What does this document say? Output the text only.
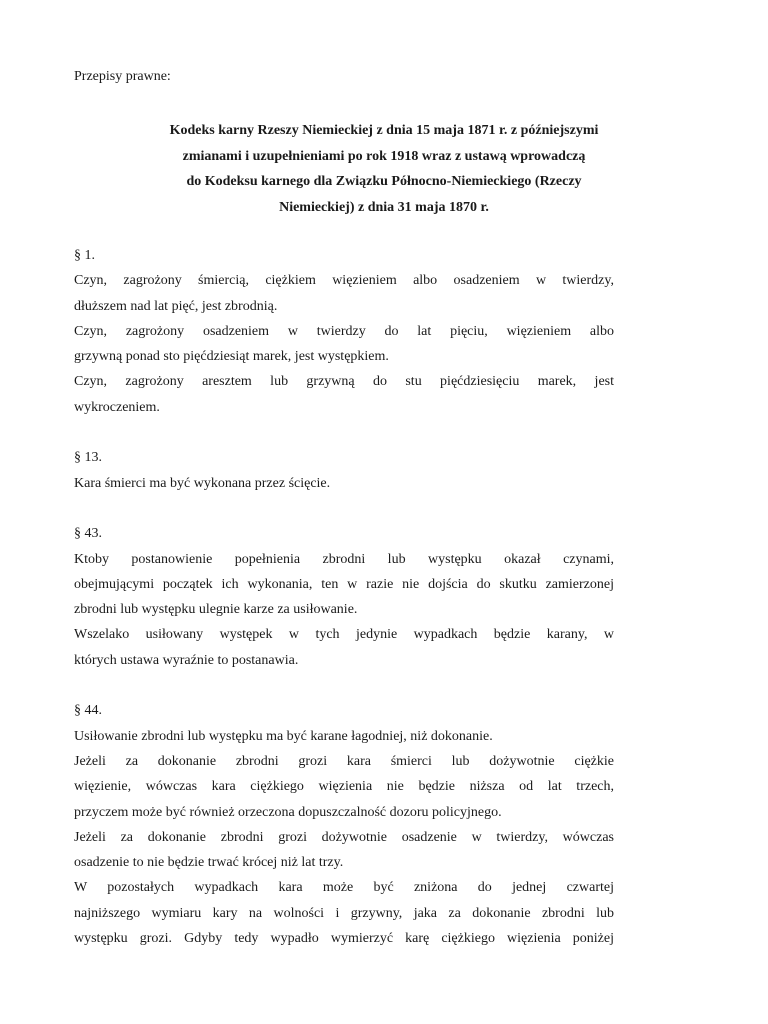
Przepisy prawne:
Kodeks karny Rzeszy Niemieckiej z dnia 15 maja 1871 r. z późniejszymi
zmianami i uzupełnieniami po rok 1918 wraz z ustawą wprowadczą
do Kodeksu karnego dla Związku Północno-Niemieckiego (Rzeczy
Niemieckiej) z dnia 31 maja 1870 r.
§ 1.
Czyn, zagrożony śmiercią, ciężkiem więzieniem albo osadzeniem w twierdzy,
dłuższem nad lat pięć, jest zbrodnią.
Czyn, zagrożony osadzeniem w twierdzy do lat pięciu, więzieniem albo
grzywną ponad sto pięćdziesiąt marek, jest występkiem.
Czyn, zagrożony aresztem lub grzywną do stu pięćdziesięciu marek, jest
wykroczeniem.
§ 13.
Kara śmierci ma być wykonana przez ścięcie.
§ 43.
Ktoby postanowienie popełnienia zbrodni lub występku okazał czynami,
obejmującymi początek ich wykonania, ten w razie nie dojścia do skutku zamierzonej
zbrodni lub występku ulegnie karze za usiłowanie.
Wszelako usiłowany występek w tych jedynie wypadkach będzie karany, w
których ustawa wyraźnie to postanawia.
§ 44.
Usiłowanie zbrodni lub występku ma być karane łagodniej, niż dokonanie.
Jeżeli za dokonanie zbrodni grozi kara śmierci lub dożywotnie ciężkie
więzienie, wówczas kara ciężkiego więzienia nie będzie niższa od lat trzech,
przyczem może być również orzeczona dopuszczalność dozoru policyjnego.
Jeżeli za dokonanie zbrodni grozi dożywotnie osadzenie w twierdzy, wówczas
osadzenie to nie będzie trwać krócej niż lat trzy.
W pozostałych wypadkach kara może być zniżona do jednej czwartej
najniższego wymiaru kary na wolności i grzywny, jaka za dokonanie zbrodni lub
występku grozi. Gdyby tedy wypadło wymierzyć karę ciężkiego więzienia poniżej
